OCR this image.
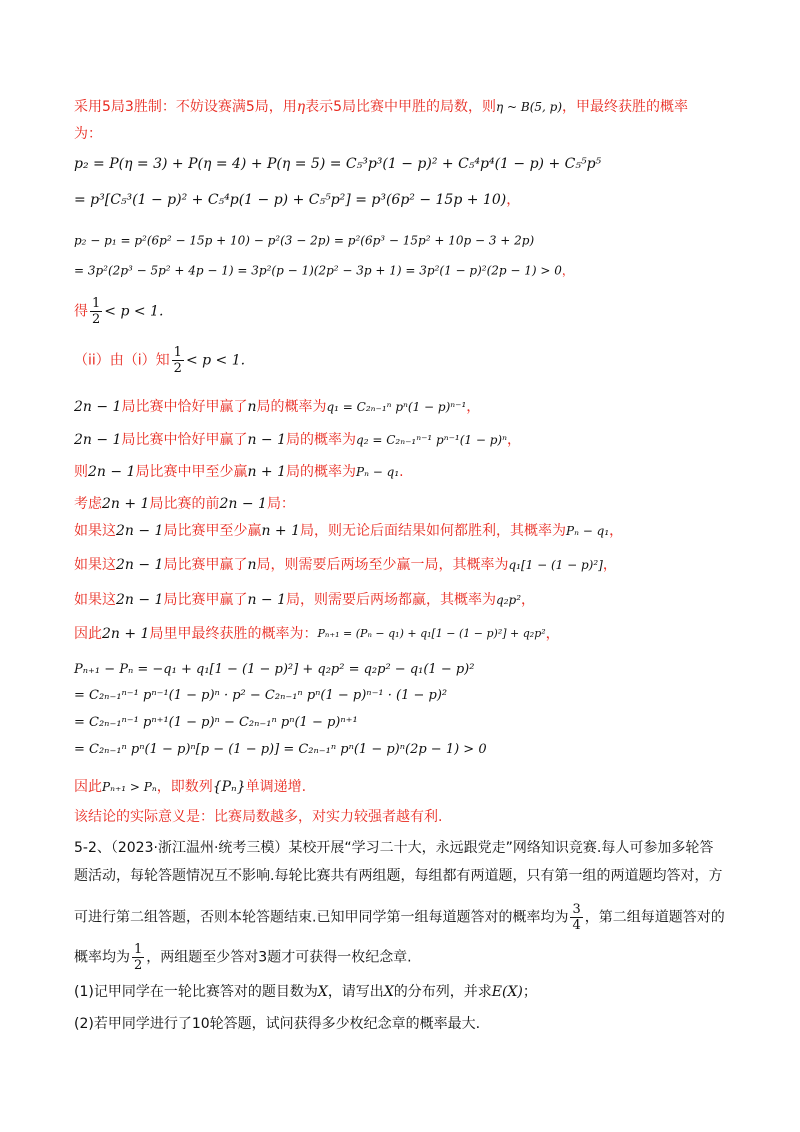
采用5局3胜制：不妨设赛满5局，用η表示5局比赛中甲胜的局数，则η ~ B(5, p)，甲最终获胜的概率
为：
p₂ = P(η = 3) + P(η = 4) + P(η = 5) = C₅³p³(1 − p)² + C₅⁴p⁴(1 − p) + C₅⁵p⁵
= p³[C₅³(1 − p)² + C₅⁴p(1 − p) + C₅⁵p²] = p³(6p² − 15p + 10)，
p₂ − p₁ = p²(6p² − 15p + 10) − p²(3 − 2p) = p²(6p³ − 15p² + 10p − 3 + 2p)
= 3p²(2p³ − 5p² + 4p − 1) = 3p²(p − 1)(2p² − 3p + 1) = 3p²(1 − p)²(2p − 1) > 0，
得 $\frac{1}{2} < p < 1$.
（ii）由（i）知 $\frac{1}{2} < p < 1$.
2n − 1局比赛中恰好甲赢了n局的概率为q₁ = C₂ₙ₋₁ⁿ pⁿ(1 − p)ⁿ⁻¹，
2n − 1局比赛中恰好甲赢了n − 1局的概率为q₂ = C₂ₙ₋₁ⁿ⁻¹ pⁿ⁻¹(1 − p)ⁿ，
则2n − 1局比赛中甲至少赢n + 1局的概率为Pₙ − q₁.
考虑2n + 1局比赛的前2n − 1局：
如果这2n − 1局比赛甲至少赢n + 1局，则无论后面结果如何都胜利，其概率为Pₙ − q₁，
如果这2n − 1局比赛甲赢了n局，则需要后两场至少赢一局，其概率为q₁[1 − (1 − p)²]，
如果这2n − 1局比赛甲赢了n − 1局，则需要后两场都赢，其概率为q₂p²，
因此2n + 1局里甲最终获胜的概率为：Pₙ₊₁ = (Pₙ − q₁) + q₁[1 − (1 − p)²] + q₂p²，
Pₙ₊₁ − Pₙ = −q₁ + q₁[1 − (1 − p)²] + q₂p² = q₂p² − q₁(1 − p)²
= C₂ₙ₋₁ⁿ⁻¹ pⁿ⁻¹(1 − p)ⁿ · p² − C₂ₙ₋₁ⁿ pⁿ(1 − p)ⁿ⁻¹ · (1 − p)²
= C₂ₙ₋₁ⁿ⁻¹ pⁿ⁺¹(1 − p)ⁿ − C₂ₙ₋₁ⁿ pⁿ(1 − p)ⁿ⁺¹
= C₂ₙ₋₁ⁿ pⁿ(1 − p)ⁿ[p − (1 − p)] = C₂ₙ₋₁ⁿ pⁿ(1 − p)ⁿ(2p − 1) > 0
因此Pₙ₊₁ > Pₙ，即数列{Pₙ}单调递增.
该结论的实际意义是：比赛局数越多，对实力较强者越有利.
5-2、（2023·浙江温州·统考三模）某校开展“学习二十大，永远跟党走”网络知识竞赛.每人可参加多轮答
题活动，每轮答题情况互不影响.每轮比赛共有两组题，每组都有两道题，只有第一组的两道题均答对，方
可进行第二组答题，否则本轮答题结束.已知甲同学第一组每道题答对的概率均为 $\frac{3}{4}$ ，第二组每道题答对的
概率均为 $\frac{1}{2}$ ，两组题至少答对3题才可获得一枚纪念章.
(1)记甲同学在一轮比赛答对的题目数为X，请写出X的分布列，并求E(X)；
(2)若甲同学进行了10轮答题，试问获得多少枚纪念章的概率最大.
